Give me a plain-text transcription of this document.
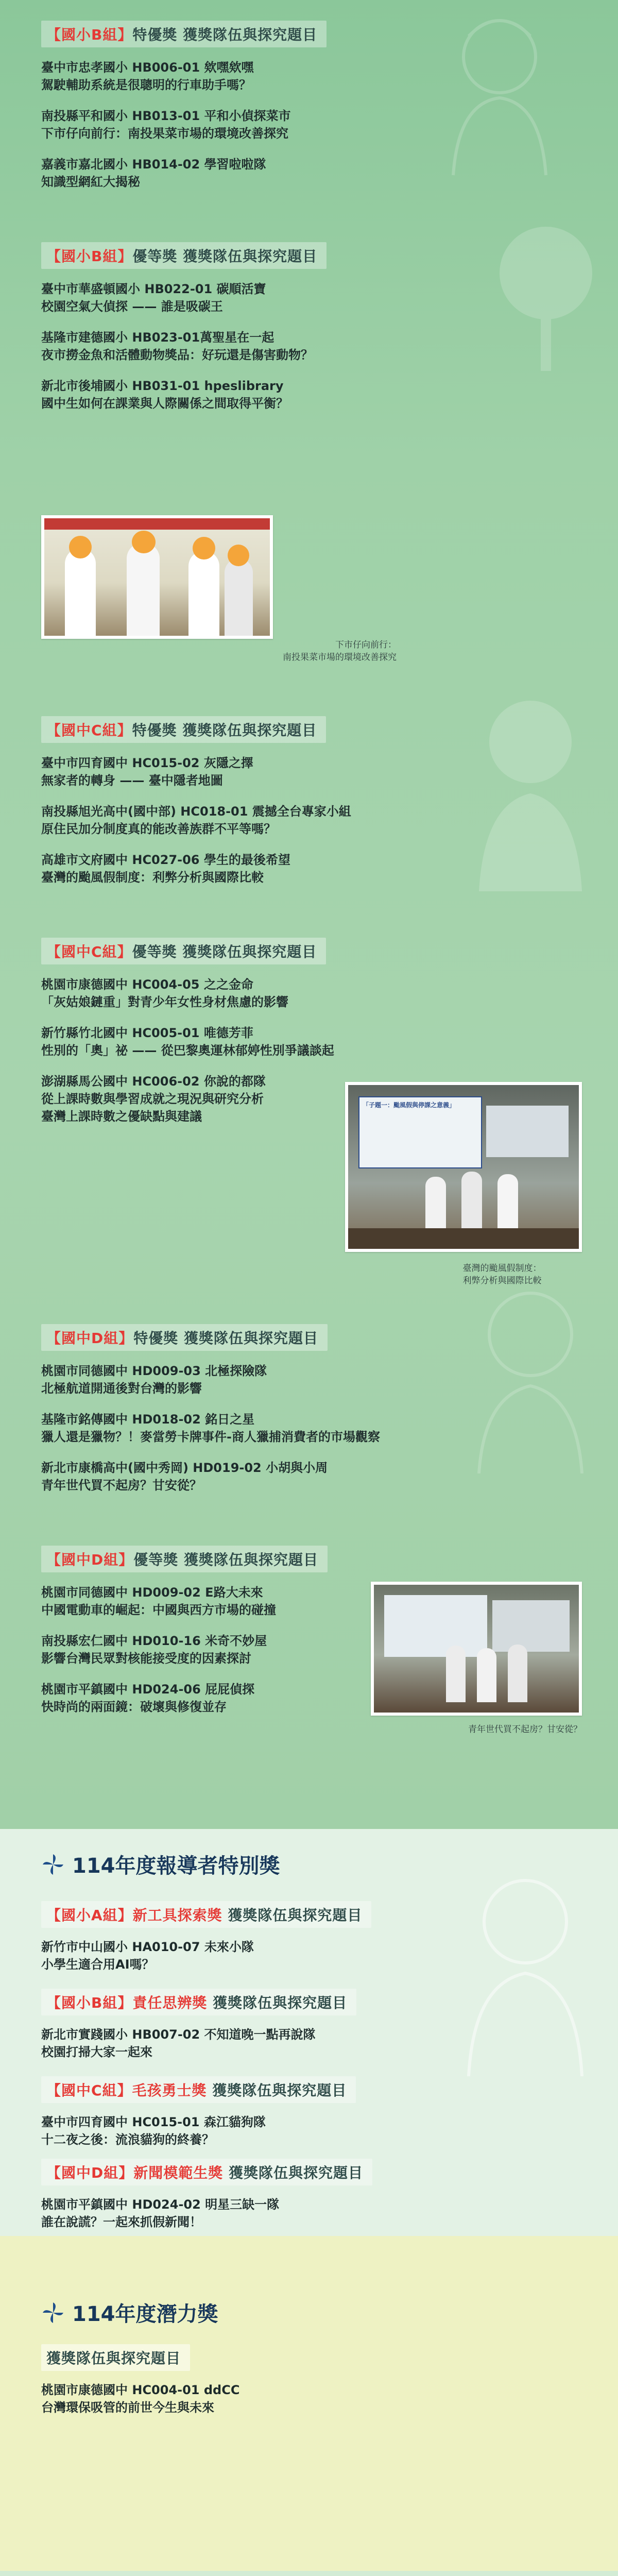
【國小B組】特優獎 獲獎隊伍與探究題目
臺中市忠孝國小 HB006-01 欸嘿欸嘿
駕駛輔助系統是很聰明的行車助手嗎？
南投縣平和國小 HB013-01 平和小偵探菜市
下市仔向前行：南投果菜市場的環境改善探究
嘉義市嘉北國小 HB014-02 學習啦啦隊
知識型網紅大揭秘
【國小B組】優等獎 獲獎隊伍與探究題目
臺中市華盛頓國小 HB022-01 碳順活寶
校園空氣大偵探 —— 誰是吸碳王
基隆市建德國小 HB023-01萬聖星在一起
夜市撈金魚和活體動物獎品：好玩還是傷害動物？
新北市後埔國小 HB031-01 hpeslibrary
國中生如何在課業與人際關係之間取得平衡？
下市仔向前行：
南投果菜市場的環境改善探究
【國中C組】特優獎 獲獎隊伍與探究題目
臺中市四育國中 HC015-02 灰隱之擇
無家者的轉身 —— 臺中隱者地圖
南投縣旭光高中(國中部) HC018-01 震撼全台專家小組
原住民加分制度真的能改善族群不平等嗎？
高雄市文府國中 HC027-06 學生的最後希望
臺灣的颱風假制度：利弊分析與國際比較
【國中C組】優等獎 獲獎隊伍與探究題目
桃園市康德國中 HC004-05 之之金命
「灰姑娘鏈重」對青少年女性身材焦慮的影響
新竹縣竹北國中 HC005-01 唯德芳菲
性別的「奧」祕 —— 從巴黎奧運林郁婷性別爭議談起
澎湖縣馬公國中 HC006-02 你說的都隊
從上課時數與學習成就之現況與研究分析
臺灣上課時數之優缺點與建議
「子題一：颱風假與停課之意義」
臺灣的颱風假制度：
利弊分析與國際比較
【國中D組】特優獎 獲獎隊伍與探究題目
桃園市同德國中 HD009-03 北極探險隊
北極航道開通後對台灣的影響
基隆市銘傳國中 HD018-02 銘日之星
獵人還是獵物？！麥當勞卡牌事件-商人獵捕消費者的市場觀察
新北市康橋高中(國中秀岡) HD019-02 小胡與小周
青年世代買不起房？甘安從？
【國中D組】優等獎 獲獎隊伍與探究題目
桃園市同德國中 HD009-02 E路大未來
中國電動車的崛起：中國與西方市場的碰撞
南投縣宏仁國中 HD010-16 米奇不妙屋
影響台灣民眾對核能接受度的因素探討
桃園市平鎮國中 HD024-06 屁屁偵探
快時尚的兩面鏡：破壞與修復並存
青年世代買不起房？甘安從？
114年度報導者特別獎
【國小A組】新工具探索獎 獲獎隊伍與探究題目
新竹市中山國小 HA010-07 未來小隊
小學生適合用AI嗎？
【國小B組】責任思辨獎 獲獎隊伍與探究題目
新北市實踐國小 HB007-02 不知道晚一點再說隊
校園打掃大家一起來
【國中C組】毛孩勇士獎 獲獎隊伍與探究題目
臺中市四育國中 HC015-01 森江貓狗隊
十二夜之後：流浪貓狗的終養？
【國中D組】新聞模範生獎 獲獎隊伍與探究題目
桃園市平鎮國中 HD024-02 明星三缺一隊
誰在說謊？一起來抓假新聞！
114年度潛力獎
獲獎隊伍與探究題目
桃園市康德國中 HC004-01 ddCC
台灣環保吸管的前世今生與未來
